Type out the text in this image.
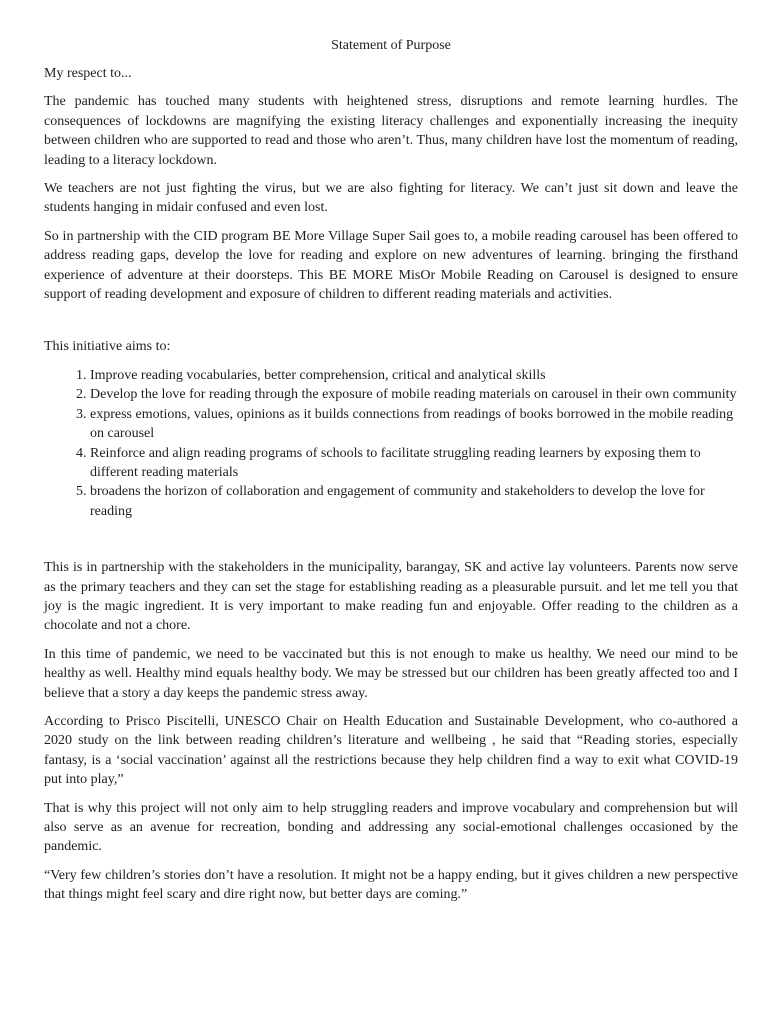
Statement of Purpose

My respect to...

The pandemic has touched many students with heightened stress, disruptions and remote learning hurdles. The consequences of lockdowns are magnifying the existing literacy challenges and exponentially increasing the inequity between children who are supported to read and those who aren’t. Thus, many children have lost the momentum of reading, leading to a literacy lockdown.

We teachers are not just fighting the virus, but we are also fighting for literacy. We can’t just sit down and leave the students hanging in midair confused and even lost.

So in partnership with the CID program BE More Village Super Sail goes to, a mobile reading carousel has been offered to address reading gaps, develop the love for reading and explore on new adventures of learning. bringing the firsthand experience of adventure at their doorsteps. This BE MORE MisOr Mobile Reading on Carousel is designed to ensure support of reading development and exposure of children to different reading materials and activities.

This initiative aims to:

1. Improve reading vocabularies, better comprehension, critical and analytical skills
2. Develop the love for reading through the exposure of mobile reading materials on carousel in their own community
3. express emotions, values, opinions as it builds connections from readings of books borrowed in the mobile reading on carousel
4. Reinforce and align reading programs of schools to facilitate struggling reading learners by exposing them to different reading materials
5. broadens the horizon of collaboration and engagement of community and stakeholders to develop the love for reading

This is in partnership with the stakeholders in the municipality, barangay, SK and active lay volunteers. Parents now serve as the primary teachers and they can set the stage for establishing reading as a pleasurable pursuit. and let me tell you that joy is the magic ingredient. It is very important to make reading fun and enjoyable. Offer reading to the children as a chocolate and not a chore.

In this time of pandemic, we need to be vaccinated but this is not enough to make us healthy. We need our mind to be healthy as well. Healthy mind equals healthy body. We may be stressed but our children has been greatly affected too and I believe that a story a day keeps the pandemic stress away.

According to Prisco Piscitelli, UNESCO Chair on Health Education and Sustainable Development, who co-authored a 2020 study on the link between reading children’s literature and wellbeing , he said that “Reading stories, especially fantasy, is a ‘social vaccination’ against all the restrictions because they help children find a way to exit what COVID-19 put into play,”

That is why this project will not only aim to help struggling readers and improve vocabulary and comprehension but will also serve as an avenue for recreation, bonding and addressing any social-emotional challenges occasioned by the pandemic.

“Very few children’s stories don’t have a resolution. It might not be a happy ending, but it gives children a new perspective that things might feel scary and dire right now, but better days are coming.”
